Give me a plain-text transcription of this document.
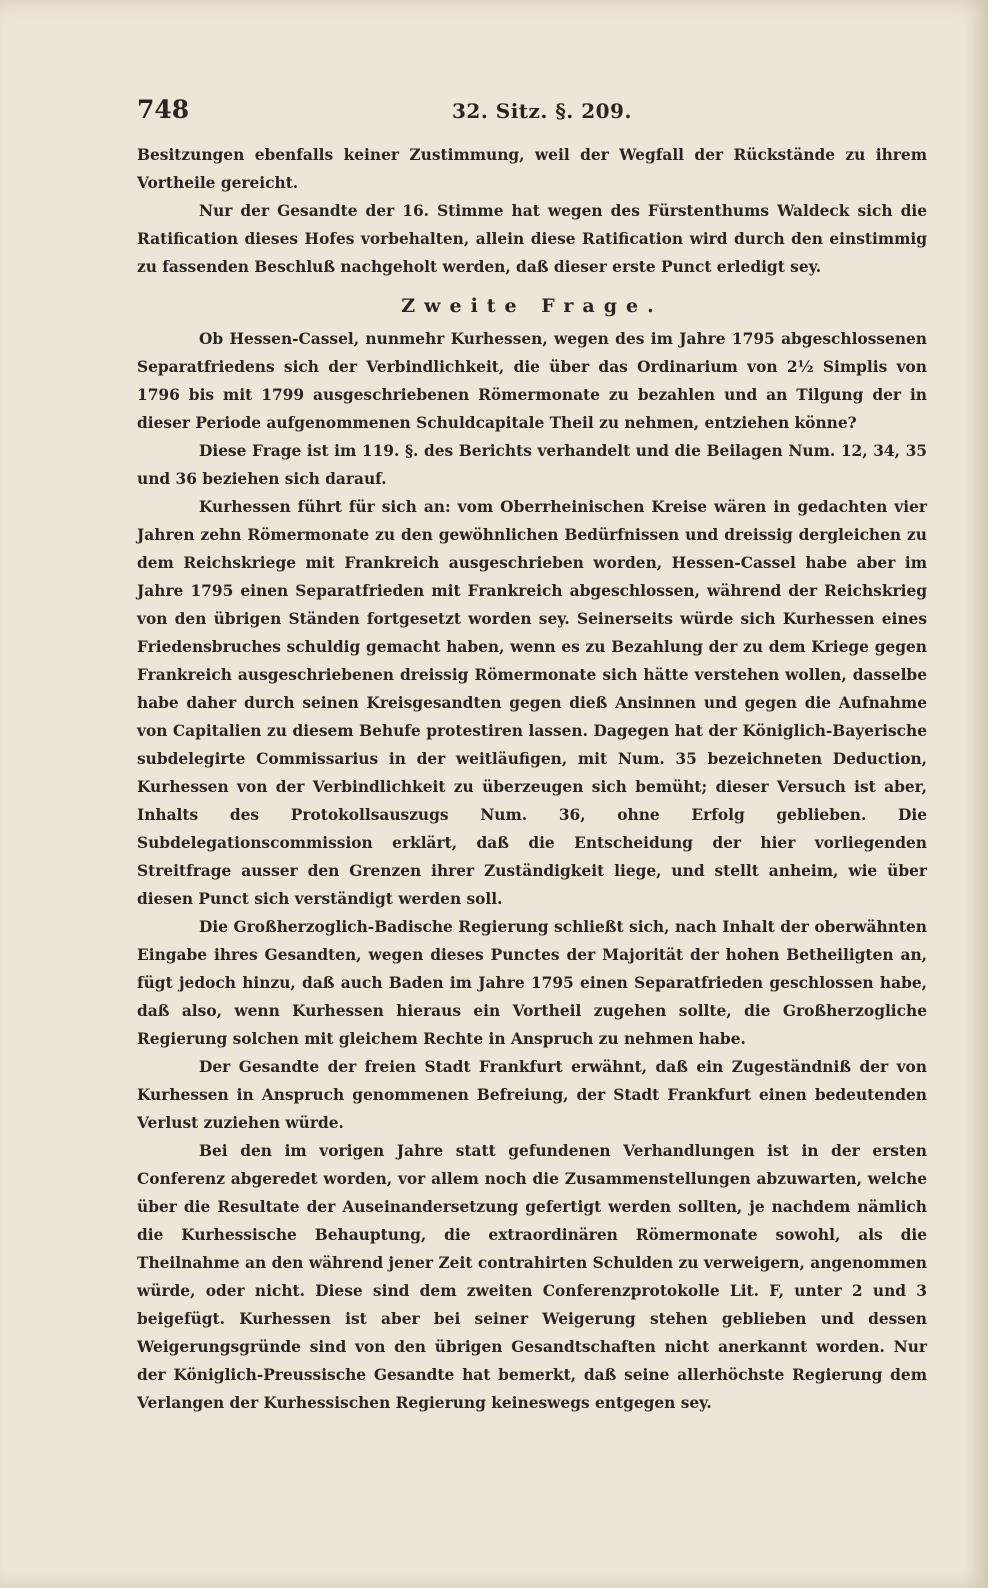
748	32. Sitz. §. 209.

Besitzungen ebenfalls keiner Zustimmung, weil der Wegfall der Rückstände zu ihrem Vortheile gereicht.

Nur der Gesandte der 16. Stimme hat wegen des Fürstenthums Waldeck sich die Ratification dieses Hofes vorbehalten, allein diese Ratification wird durch den einstimmig zu fassenden Beschluß nachgeholt werden, daß dieser erste Punct erledigt sey.

Zweite Frage.

Ob Hessen-Cassel, nunmehr Kurhessen, wegen des im Jahre 1795 abgeschlossenen Separatfriedens sich der Verbindlichkeit, die über das Ordinarium von 2½ Simplis von 1796 bis mit 1799 ausgeschriebenen Römermonate zu bezahlen und an Tilgung der in dieser Periode aufgenommenen Schuldcapitale Theil zu nehmen, entziehen könne?

Diese Frage ist im 119. §. des Berichts verhandelt und die Beilagen Num. 12, 34, 35 und 36 beziehen sich darauf.

Kurhessen führt für sich an: vom Oberrheinischen Kreise wären in gedachten vier Jahren zehn Römermonate zu den gewöhnlichen Bedürfnissen und dreissig dergleichen zu dem Reichskriege mit Frankreich ausgeschrieben worden, Hessen-Cassel habe aber im Jahre 1795 einen Separatfrieden mit Frankreich abgeschlossen, während der Reichskrieg von den übrigen Ständen fortgesetzt worden sey. Seinerseits würde sich Kurhessen eines Friedensbruches schuldig gemacht haben, wenn es zu Bezahlung der zu dem Kriege gegen Frankreich ausgeschriebenen dreissig Römermonate sich hätte verstehen wollen, dasselbe habe daher durch seinen Kreisgesandten gegen dieß Ansinnen und gegen die Aufnahme von Capitalien zu diesem Behufe protestiren lassen. Dagegen hat der Königlich-Bayerische subdelegirte Commissarius in der weitläufigen, mit Num. 35 bezeichneten Deduction, Kurhessen von der Verbindlichkeit zu überzeugen sich bemüht; dieser Versuch ist aber, Inhalts des Protokollsauszugs Num. 36, ohne Erfolg geblieben. Die Subdelegationscommission erklärt, daß die Entscheidung der hier vorliegenden Streitfrage ausser den Grenzen ihrer Zuständigkeit liege, und stellt anheim, wie über diesen Punct sich verständigt werden soll.

Die Großherzoglich-Badische Regierung schließt sich, nach Inhalt der oberwähnten Eingabe ihres Gesandten, wegen dieses Punctes der Majorität der hohen Betheiligten an, fügt jedoch hinzu, daß auch Baden im Jahre 1795 einen Separatfrieden geschlossen habe, daß also, wenn Kurhessen hieraus ein Vortheil zugehen sollte, die Großherzogliche Regierung solchen mit gleichem Rechte in Anspruch zu nehmen habe.

Der Gesandte der freien Stadt Frankfurt erwähnt, daß ein Zugeständniß der von Kurhessen in Anspruch genommenen Befreiung, der Stadt Frankfurt einen bedeutenden Verlust zuziehen würde.

Bei den im vorigen Jahre statt gefundenen Verhandlungen ist in der ersten Conferenz abgeredet worden, vor allem noch die Zusammenstellungen abzuwarten, welche über die Resultate der Auseinandersetzung gefertigt werden sollten, je nachdem nämlich die Kurhessische Behauptung, die extraordinären Römermonate sowohl, als die Theilnahme an den während jener Zeit contrahirten Schulden zu verweigern, angenommen würde, oder nicht. Diese sind dem zweiten Conferenzprotokolle Lit. F, unter 2 und 3 beigefügt. Kurhessen ist aber bei seiner Weigerung stehen geblieben und dessen Weigerungsgründe sind von den übrigen Gesandtschaften nicht anerkannt worden. Nur der Königlich-Preussische Gesandte hat bemerkt, daß seine allerhöchste Regierung dem Verlangen der Kurhessischen Regierung keineswegs entgegen sey.
